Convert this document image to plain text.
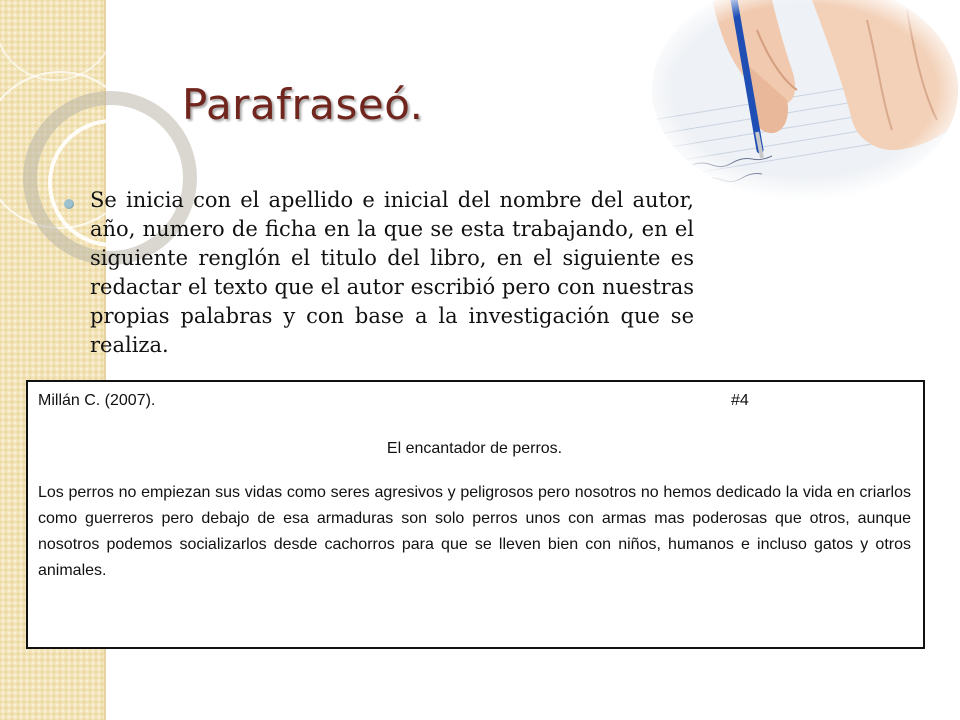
Parafraseó.

Se inicia con el apellido e inicial del nombre del autor, año, numero de ficha en la que se esta trabajando, en el siguiente renglón el titulo del libro, en el siguiente es redactar el texto que el autor escribió pero con nuestras propias palabras y con base a la investigación que se realiza.

Millán C. (2007).	#4
El encantador de perros.
Los perros no empiezan sus vidas como seres agresivos y peligrosos pero nosotros no hemos dedicado la vida en criarlos como guerreros pero debajo de esa armaduras son solo perros unos con armas mas poderosas que otros, aunque nosotros podemos socializarlos desde cachorros para que se lleven bien con niños, humanos e incluso gatos y otros animales.
